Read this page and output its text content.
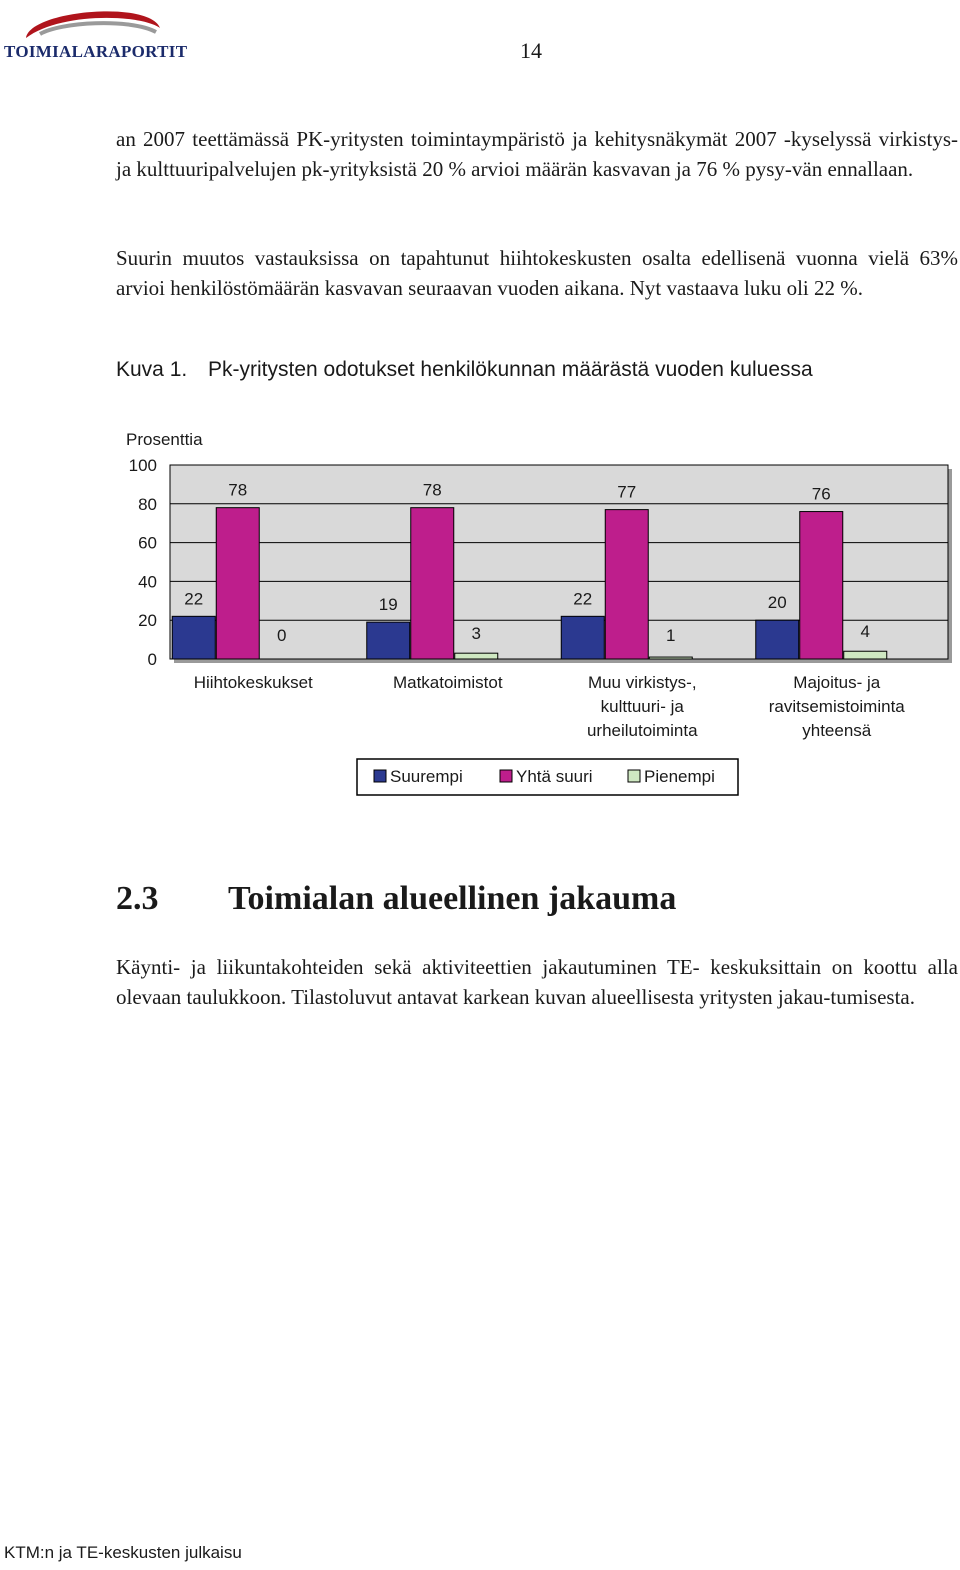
TOIMIALARAPORTIT	14

an 2007 teettämässä PK-yritysten toimintaympäristö ja kehitysnäkymät 2007 -kyselyssä virkistys- ja kulttuuripalvelujen pk-yrityksistä 20 % arvioi määrän kasvavan ja 76 % pysy-vän ennallaan.

Suurin muutos vastauksissa on tapahtunut hiihtokeskusten osalta edellisenä vuonna vielä 63% arvioi henkilöstömäärän kasvavan seuraavan vuoden aikana. Nyt vastaava luku oli 22 %.

Kuva 1. Pk-yritysten odotukset henkilökunnan määrästä vuoden kuluessa
0
20
40
60
80
100
Prosenttia
22
78
0
Hiihtokeskukset
19
78
3
Matkatoimistot
22
77
1
Muu virkistys-,
kulttuuri- ja
urheilutoiminta
20
76
4
Majoitus- ja
ravitsemistoiminta
yhteensä
Suurempi	Yhtä suuri	Pienempi
2.3 Toimialan alueellinen jakauma

Käynti- ja liikuntakohteiden sekä aktiviteettien jakautuminen TE- keskuksittain on koottu alla olevaan taulukkoon. Tilastoluvut antavat karkean kuvan alueellisesta yritysten jakau-tumisesta.

KTM:n ja TE-keskusten julkaisu
